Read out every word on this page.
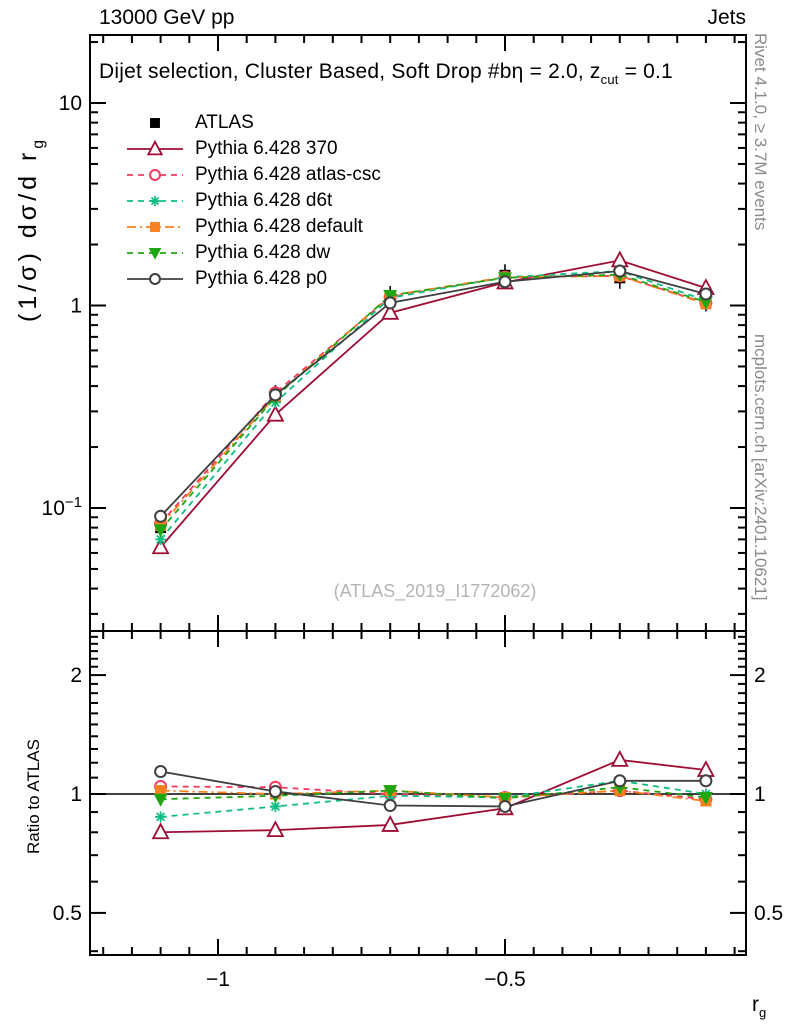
10
1
$10^{-1}$
2	2
1	1
0.5	0.5
−1	−0.5
13000 GeV pp	Jets
Dijet selection, Cluster Based, Soft Drop #bη = 2.0, $z_{cut} = 0.1$
(1/σ) dσ/d $r_g$
Ratio to ATLAS
$r_g$
Rivet 4.1.0, ≥ 3.7M events
mcplots.cern.ch [arXiv:2401.10621]
(ATLAS_2019_I1772062)
ATLAS
Pythia 6.428 370
Pythia 6.428 atlas-csc
Pythia 6.428 d6t
Pythia 6.428 default
Pythia 6.428 dw
Pythia 6.428 p0
